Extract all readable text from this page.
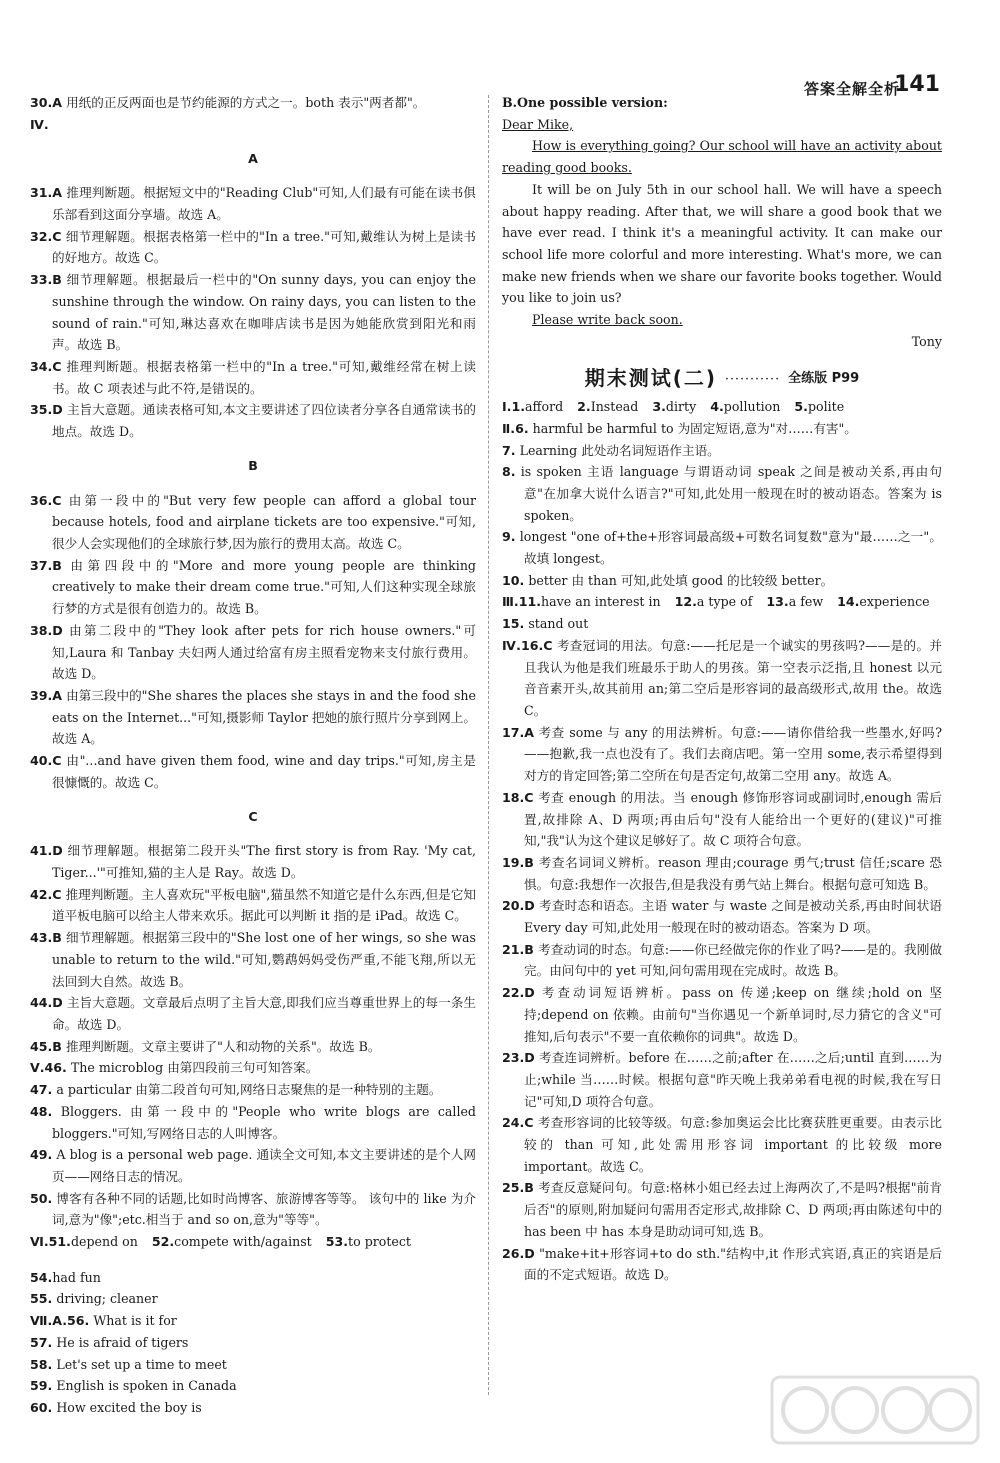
答案全解全析
141

30.A 用纸的正反两面也是节约能源的方式之一。both 表示"两者都"。

Ⅳ.

A

31.A 推理判断题。根据短文中的"Reading Club"可知,人们最有可能在读书俱乐部看到这面分享墙。故选 A。

32.C 细节理解题。根据表格第一栏中的"In a tree."可知,戴维认为树上是读书的好地方。故选 C。

33.B 细节理解题。根据最后一栏中的"On sunny days, you can enjoy the sunshine through the window. On rainy days, you can listen to the sound of rain."可知,琳达喜欢在咖啡店读书是因为她能欣赏到阳光和雨声。故选 B。

34.C 推理判断题。根据表格第一栏中的"In a tree."可知,戴维经常在树上读书。故 C 项表述与此不符,是错误的。

35.D 主旨大意题。通读表格可知,本文主要讲述了四位读者分享各自通常读书的地点。故选 D。

B

36.C 由第一段中的"But very few people can afford a global tour because hotels, food and airplane tickets are too expensive."可知,很少人会实现他们的全球旅行梦,因为旅行的费用太高。故选 C。

37.B 由第四段中的"More and more young people are thinking creatively to make their dream come true."可知,人们这种实现全球旅行梦的方式是很有创造力的。故选 B。

38.D 由第二段中的"They look after pets for rich house owners."可知,Laura 和 Tanbay 夫妇两人通过给富有房主照看宠物来支付旅行费用。故选 D。

39.A 由第三段中的"She shares the places she stays in and the food she eats on the Internet..."可知,摄影师 Taylor 把她的旅行照片分享到网上。故选 A。

40.C 由"...and have given them food, wine and day trips."可知,房主是很慷慨的。故选 C。

C

41.D 细节理解题。根据第二段开头"The first story is from Ray. 'My cat, Tiger...'"可推知,猫的主人是 Ray。故选 D。

42.C 推理判断题。主人喜欢玩"平板电脑",猫虽然不知道它是什么东西,但是它知道平板电脑可以给主人带来欢乐。据此可以判断 it 指的是 iPad。故选 C。

43.B 细节理解题。根据第三段中的"She lost one of her wings, so she was unable to return to the wild."可知,鹦鹉妈妈受伤严重,不能飞翔,所以无法回到大自然。故选 B。

44.D 主旨大意题。文章最后点明了主旨大意,即我们应当尊重世界上的每一条生命。故选 D。

45.B 推理判断题。文章主要讲了"人和动物的关系"。故选 B。

Ⅴ.46. The microblog 由第四段前三句可知答案。

47. a particular 由第二段首句可知,网络日志聚焦的是一种特别的主题。

48. Bloggers. 由第一段中的"People who write blogs are called bloggers."可知,写网络日志的人叫博客。

49. A blog is a personal web page. 通读全文可知,本文主要讲述的是个人网页——网络日志的情况。

50. 博客有各种不同的话题,比如时尚博客、旅游博客等等。 该句中的 like 为介词,意为"像";etc.相当于 and so on,意为"等等"。

Ⅵ.51.depend on 52.compete with/against 53.to protect
54.had fun

55. driving; cleaner

Ⅶ.A.56. What is it for

57. He is afraid of tigers

58. Let's set up a time to meet

59. English is spoken in Canada

60. How excited the boy is

B.One possible version:

Dear Mike,

How is everything going? Our school will have an activity about reading good books.

It will be on July 5th in our school hall. We will have a speech about happy reading. After that, we will share a good book that we have ever read. I think it's a meaningful activity. It can make our school life more colorful and more interesting. What's more, we can make new friends when we share our favorite books together. Would you like to join us?

Please write back soon.

Tony

期末测试(二) ··········· 全练版 P99
Ⅰ.1.afford 2.Instead 3.dirty 4.pollution 5.polite

Ⅱ.6. harmful be harmful to 为固定短语,意为"对……有害"。

7. Learning 此处动名词短语作主语。

8. is spoken 主语 language 与谓语动词 speak 之间是被动关系,再由句意"在加拿大说什么语言?"可知,此处用一般现在时的被动语态。答案为 is spoken。

9. longest "one of+the+形容词最高级+可数名词复数"意为"最……之一"。故填 longest。

10. better 由 than 可知,此处填 good 的比较级 better。

Ⅲ.11.have an interest in 12.a type of 13.a few 14.experience

15. stand out

Ⅳ.16.C 考查冠词的用法。句意:——托尼是一个诚实的男孩吗?——是的。并且我认为他是我们班最乐于助人的男孩。第一空表示泛指,且 honest 以元音音素开头,故其前用 an;第二空后是形容词的最高级形式,故用 the。故选 C。

17.A 考查 some 与 any 的用法辨析。句意:——请你借给我一些墨水,好吗?——抱歉,我一点也没有了。我们去商店吧。第一空用 some,表示希望得到对方的肯定回答;第二空所在句是否定句,故第二空用 any。故选 A。

18.C 考查 enough 的用法。当 enough 修饰形容词或副词时,enough 需后置,故排除 A、D 两项;再由后句"没有人能给出一个更好的(建议)"可推知,"我"认为这个建议足够好了。故 C 项符合句意。

19.B 考查名词词义辨析。reason 理由;courage 勇气;trust 信任;scare 恐惧。句意:我想作一次报告,但是我没有勇气站上舞台。根据句意可知选 B。

20.D 考查时态和语态。主语 water 与 waste 之间是被动关系,再由时间状语 Every day 可知,此处用一般现在时的被动语态。答案为 D 项。

21.B 考查动词的时态。句意:——你已经做完你的作业了吗?——是的。我刚做完。由问句中的 yet 可知,问句需用现在完成时。故选 B。

22.D 考查动词短语辨析。pass on 传递;keep on 继续;hold on 坚持;depend on 依赖。由前句"当你遇见一个新单词时,尽力猜它的含义"可推知,后句表示"不要一直依赖你的词典"。故选 D。

23.D 考查连词辨析。before 在……之前;after 在……之后;until 直到……为止;while 当……时候。根据句意"昨天晚上我弟弟看电视的时候,我在写日记"可知,D 项符合句意。

24.C 考查形容词的比较等级。句意:参加奥运会比比赛获胜更重要。由表示比较的 than 可知,此处需用形容词 important 的比较级 more important。故选 C。

25.B 考查反意疑问句。句意:格林小姐已经去过上海两次了,不是吗?根据"前肯后否"的原则,附加疑问句需用否定形式,故排除 C、D 两项;再由陈述句中的 has been 中 has 本身是助动词可知,选 B。

26.D "make+it+形容词+to do sth."结构中,it 作形式宾语,真正的宾语是后面的不定式短语。故选 D。
